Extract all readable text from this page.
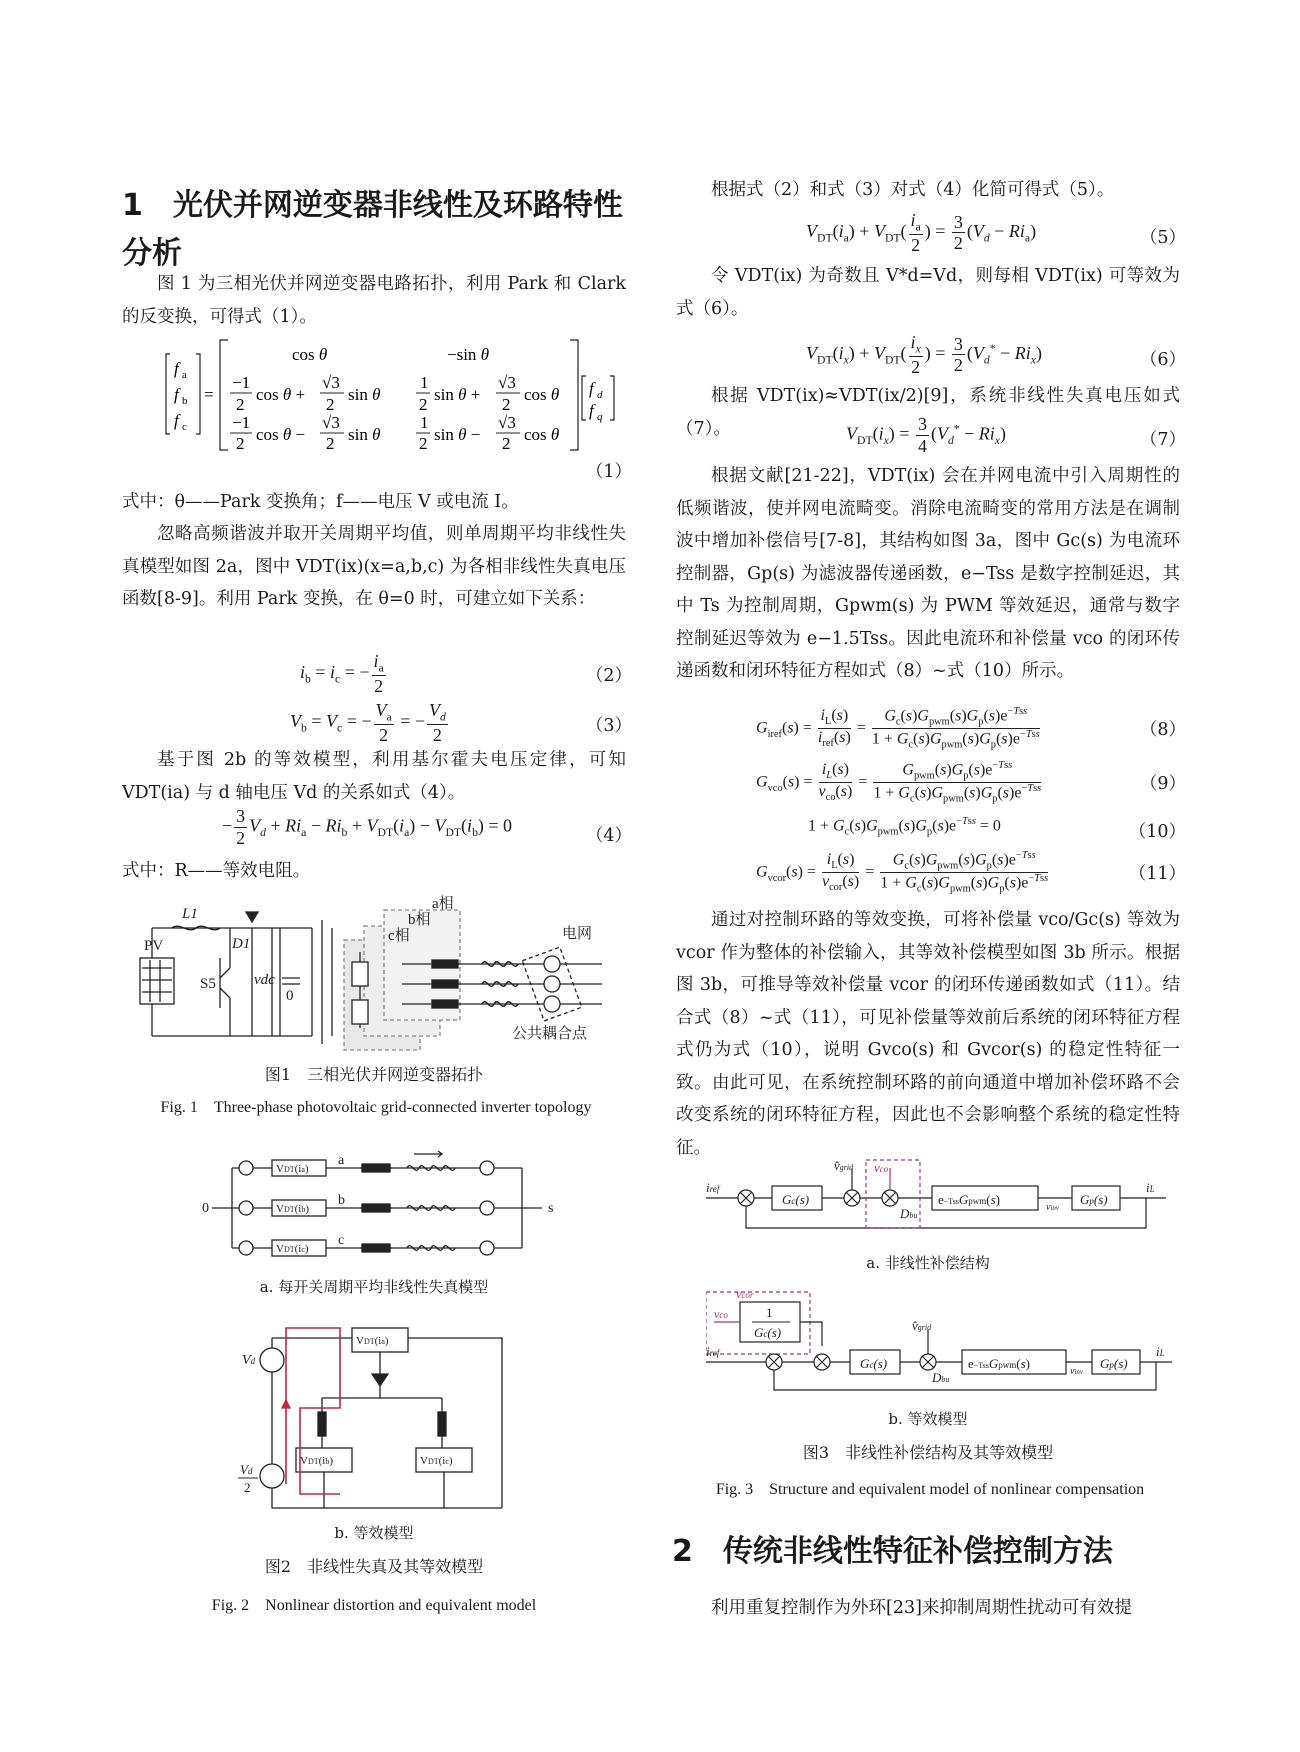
1　光伏并网逆变器非线性及环路特性
分析
图 1 为三相光伏并网逆变器电路拓扑，利用 Park 和 Clark 的反变换，可得式（1）。
f a
f b
f c
=
cos θ	−sin θ
−1
2
cos θ +
√3
2
sin θ
1
2
sin θ +
√3
2
cos θ
−1
2 cos θ −
√3
2 sin θ
1
2 sin θ −
√3
2 cos θ
f d
f q
（1）
式中：θ——Park 变换角；f——电压 V 或电流 I。
忽略高频谐波并取开关周期平均值，则单周期平均非线性失真模型如图 2a，图中 VDT(ix)(x=a,b,c) 为各相非线性失真电压函数[8-9]。利用 Park 变换，在 θ=0 时，可建立如下关系：
$i_b = i_c$ = − $\frac{i_a}{2}$	（2）
$V_b = V_c$ = − $\frac{V_a}{2}$ = − $\frac{V_d}{2}$	（3）
基于图 2b 的等效模型，利用基尔霍夫电压定律，可知 VDT(ia) 与 d 轴电压 Vd 的关系如式（4）。
− $\frac{3}{2} V_d + Ri_a - Ri_b + V_{DT}(i_a) - V_{DT}(i_b) = 0$
（4）
式中：R——等效电阻。
PV
L1
D1
S5	vdc
0
a相
b相
c相	电网
公共耦合点
图1　三相光伏并网逆变器拓扑
Fig. 1　Three-phase photovoltaic grid-connected inverter topology
VDT(ia)
VDT(ib)
VDT(ic)
a
b
c
s
0
a. 每开关周期平均非线性失真模型
VDT(ia)
VDT(ib)	VDT(ic)
Vd
Vd
2
b. 等效模型
图2　非线性失真及其等效模型
Fig. 2　Nonlinear distortion and equivalent model
根据式（2）和式（3）对式（4）化简可得式（5）。
$V_{DT}(i_a) + V_{DT}( \frac{i_a}{2}$ ) = $\frac{3}{2} (V_d - Ri_a)$	（5）
令 VDT(ix) 为奇数且 V*d=Vd，则每相 VDT(ix) 可等效为式（6）。
$V_{DT}(i_x) + V_{DT}( \frac{i_x}{2}$ ) = $\frac{3}{2} (V_d^* - Ri_x)$	（6）
根据 VDT(ix)≈VDT(ix/2)[9]，系统非线性失真电压如式（7）。	$V_{DT}(i_x) = \frac{3}{4} (V_d^* - Ri_x)$	（7）
根据文献[21-22]，VDT(ix) 会在并网电流中引入周期性的低频谐波，使并网电流畸变。消除电流畸变的常用方法是在调制波中增加补偿信号[7-8]，其结构如图 3a，图中 Gc(s) 为电流环控制器，Gp(s) 为滤波器传递函数，e−Tss 是数字控制延迟，其中 Ts 为控制周期，Gpwm(s) 为 PWM 等效延迟，通常与数字控制延迟等效为 e−1.5Tss。因此电流环和补偿量 vco 的闭环传递函数和闭环特征方程如式（8）~式（10）所示。
$G_{iref}(s) = \frac{i_L(s)}{i_{ref}(s)} = \frac{G_c(s)G_{pwm}(s)G_p(s)e^{-Tss}}{1 + G_c(s)G_{pwm}(s)G_p(s)e^{-Tss}}$	（8）
$G_{vco}(s) = \frac{i_L(s)}{v_{co}(s)} = \frac{G_{pwm}(s)G_p(s)e^{-Tss}}{1 + G_c(s)G_{pwm}(s)G_p(s)e^{-Tss}}$	（9）
$1 + G_c(s)G_{pwm}(s)G_p(s)e^{-Tss} = 0$	（10）
$G_{vcor}(s) = \frac{i_L(s)}{v_{cor}(s)} = \frac{G_c(s)G_{pwm}(s)G_p(s)e^{-Tss}}{1 + G_c(s)G_{pwm}(s)G_p(s)e^{-Tss}}$	（11）
通过对控制环路的等效变换，可将补偿量 vco/Gc(s) 等效为 vcor 作为整体的补偿输入，其等效补偿模型如图 3b 所示。根据图 3b，可推导等效补偿量 vcor 的闭环传递函数如式（11）。结合式（8）~式（11），可见补偿量等效前后系统的闭环特征方程式仍为式（10），说明 Gvco(s) 和 Gvcor(s) 的稳定性特征一致。由此可见，在系统控制环路的前向通道中增加补偿环路不会改变系统的闭环特征方程，因此也不会影响整个系统的稳定性特征。
iref
Gc(s)	e−TssGpwm(s)	Gp(s)
iL
v̂grid vco
Dbu
vinv
a. 非线性补偿结构
vcor
vco	1
Gc(s)
iref
Gc(s)	e−TssGpwm(s)	Gp(s)
iL
v̂grid
Dbu
vinv
b. 等效模型
图3　非线性补偿结构及其等效模型
Fig. 3　Structure and equivalent model of nonlinear compensation
2　传统非线性特征补偿控制方法
利用重复控制作为外环[23]来抑制周期性扰动可有效提
